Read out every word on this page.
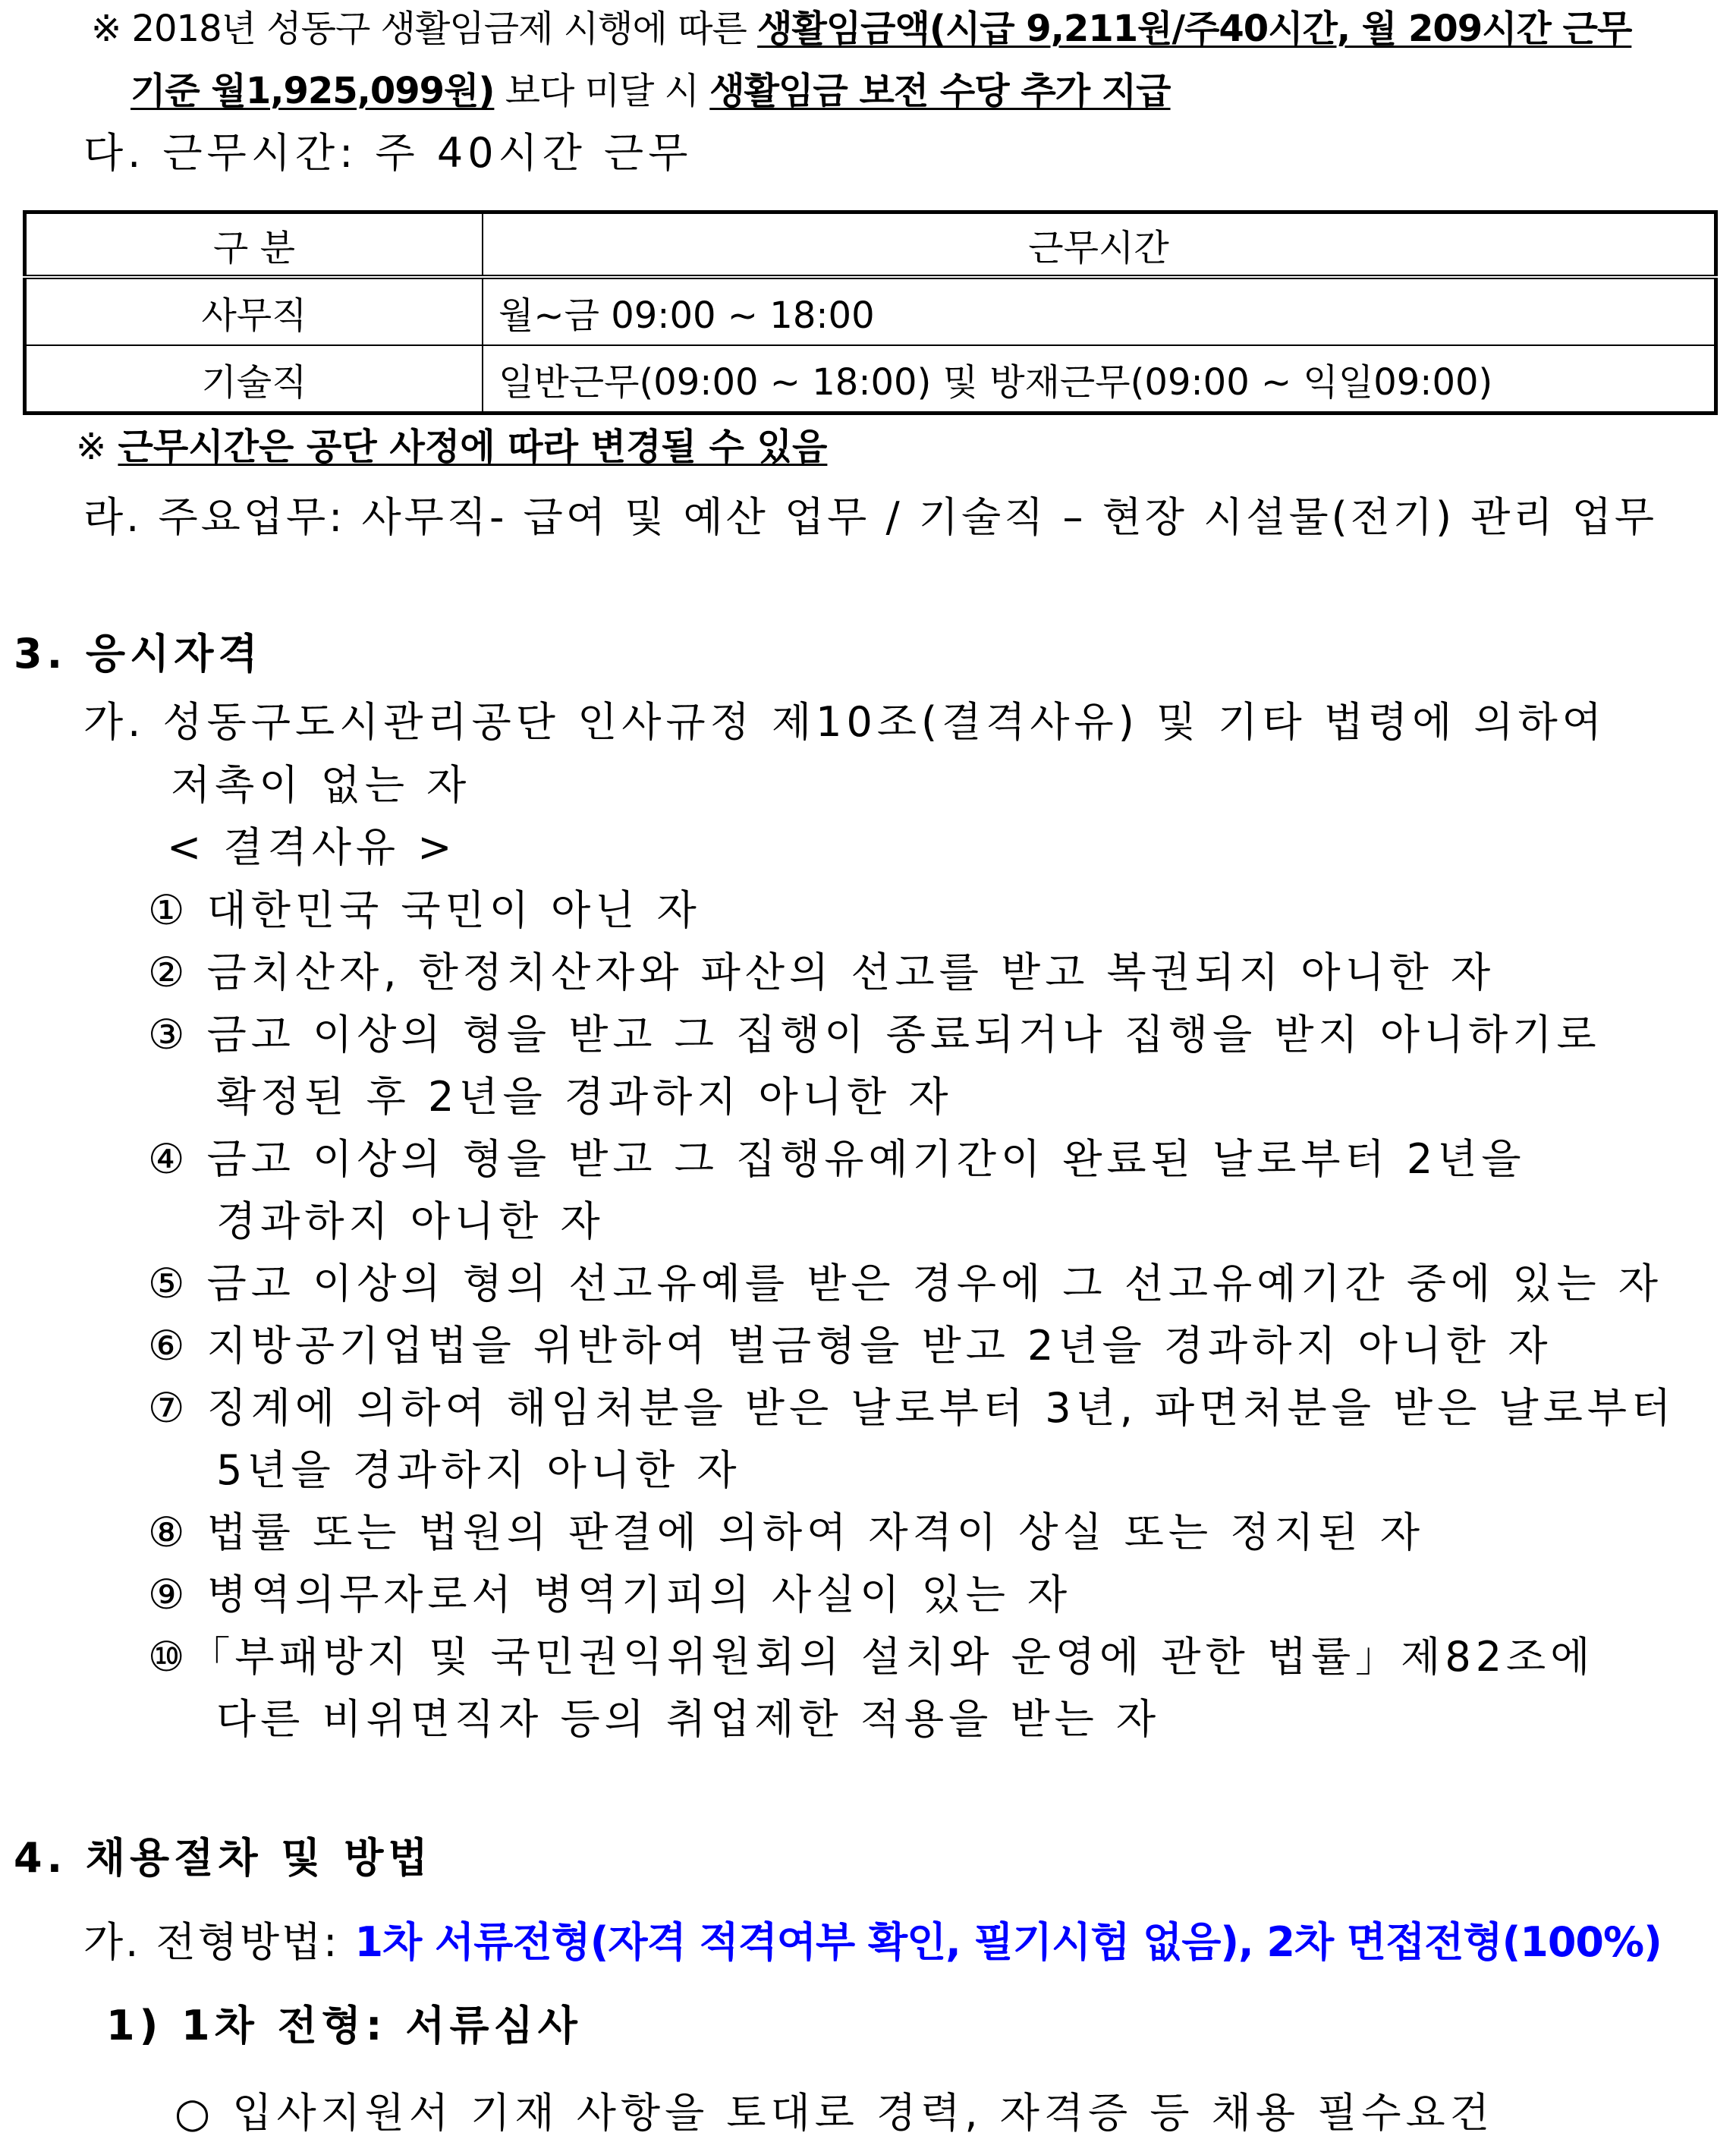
※ 2018년 성동구 생활임금제 시행에 따른 생활임금액(시급 9,211원/주40시간, 월 209시간 근무
기준 월1,925,099원) 보다 미달 시 생활임금 보전 수당 추가 지급
다. 근무시간: 주 40시간 근무
구 분	근무시간
사무직	월~금 09:00 ~ 18:00
기술직	일반근무(09:00 ~ 18:00) 및 방재근무(09:00 ~ 익일09:00)
※ 근무시간은 공단 사정에 따라 변경될 수 있음
라. 주요업무: 사무직- 급여 및 예산 업무 / 기술직 – 현장 시설물(전기) 관리 업무
3. 응시자격
가. 성동구도시관리공단 인사규정 제10조(결격사유) 및 기타 법령에 의하여
저촉이 없는 자
< 결격사유 >
① 대한민국 국민이 아닌 자
② 금치산자, 한정치산자와 파산의 선고를 받고 복권되지 아니한 자
③ 금고 이상의 형을 받고 그 집행이 종료되거나 집행을 받지 아니하기로
확정된 후 2년을 경과하지 아니한 자
④ 금고 이상의 형을 받고 그 집행유예기간이 완료된 날로부터 2년을
경과하지 아니한 자
⑤ 금고 이상의 형의 선고유예를 받은 경우에 그 선고유예기간 중에 있는 자
⑥ 지방공기업법을 위반하여 벌금형을 받고 2년을 경과하지 아니한 자
⑦ 징계에 의하여 해임처분을 받은 날로부터 3년, 파면처분을 받은 날로부터
5년을 경과하지 아니한 자
⑧ 법률 또는 법원의 판결에 의하여 자격이 상실 또는 정지된 자
⑨ 병역의무자로서 병역기피의 사실이 있는 자
⑩「부패방지 및 국민권익위원회의 설치와 운영에 관한 법률」제82조에
다른 비위면직자 등의 취업제한 적용을 받는 자
4. 채용절차 및 방법
가. 전형방법: 1차 서류전형(자격 적격여부 확인, 필기시험 없음), 2차 면접전형(100%)
1) 1차 전형: 서류심사
○ 입사지원서 기재 사항을 토대로 경력, 자격증 등 채용 필수요건
